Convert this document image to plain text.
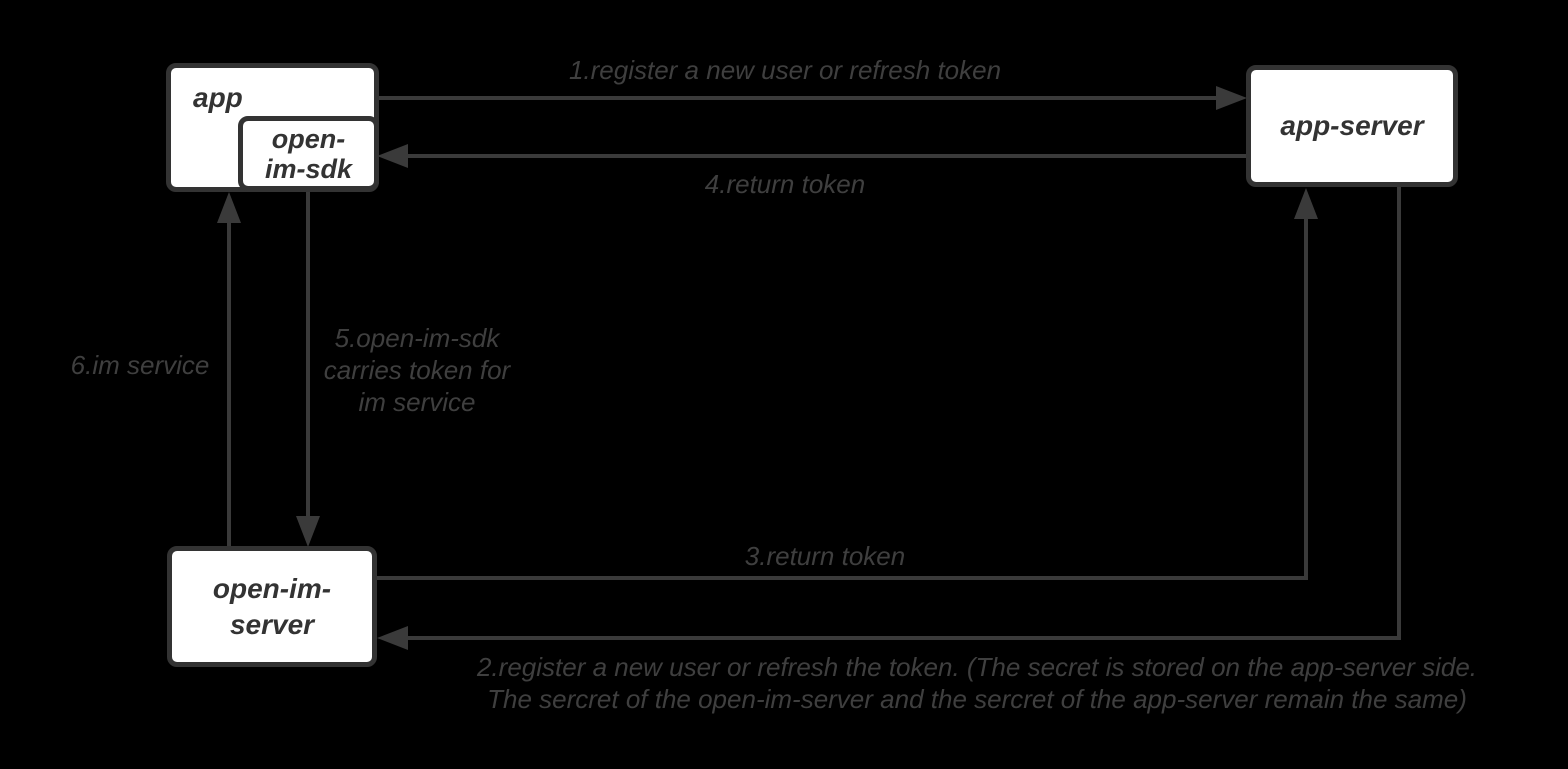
app
open-
im-sdk
app-server
open-im-
server
1.register a new user or refresh token
4.return token
3.return token
6.im service
5.open-im-sdk
carries token for
im service
2.register a new user or refresh the token. (The secret is stored on the app-server side.
The sercret of the open-im-server and the sercret of the app-server remain the same)
